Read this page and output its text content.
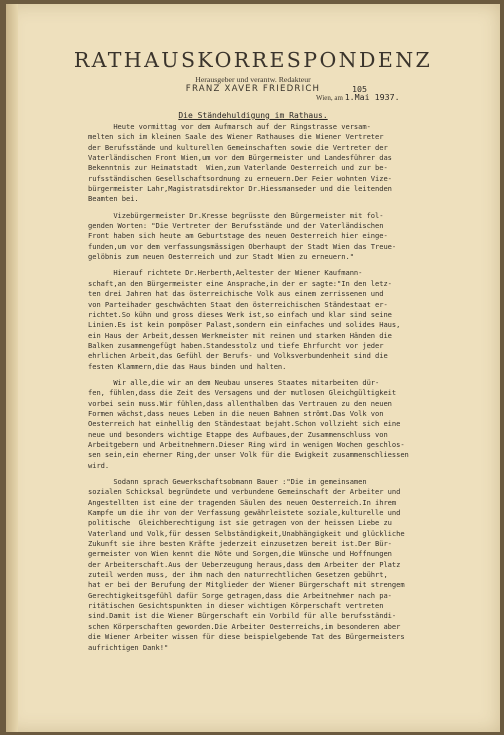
RATHAUSKORRESPONDENZ
Herausgeber und verantw. Redakteur
FRANZ XAVER FRIEDRICH	105
Wien, am 1.Mai 1937.
Die Ständehuldigung im Rathaus.
Heute vormittag vor dem Aufmarsch auf der Ringstrasse versam-
melten sich im kleinen Saale des Wiener Rathauses die Wiener Vertreter
der Berufsstände und kulturellen Gemeinschaften sowie die Vertreter der
Vaterländischen Front Wien,um vor dem Bürgermeister und Landesführer das
Bekenntnis zur Heimatstadt  Wien,zum Vaterlande Oesterreich und zur be-
rufsständischen Gesellschaftsordnung zu erneuern.Der Feier wohnten Vize-
bürgermeister Lahr,Magistratsdirektor Dr.Hiessmanseder und die leitenden
Beamten bei.
Vizebürgermeister Dr.Kresse begrüsste den Bürgermeister mit fol-
genden Worten: "Die Vertreter der Berufsstände und der Vaterländischen
Front haben sich heute am Geburtstage des neuen Oesterreich hier einge-
funden,um vor dem verfassungsmässigen Oberhaupt der Stadt Wien das Treue-
gelöbnis zum neuen Oesterreich und zur Stadt Wien zu erneuern."
Hierauf richtete Dr.Herberth,Aeltester der Wiener Kaufmann-
schaft,an den Bürgermeister eine Ansprache,in der er sagte:"In den letz-
ten drei Jahren hat das österreichische Volk aus einem zerrissenen und
von Parteihader geschwächten Staat den österreichischen Ständestaat er-
richtet.So kühn und gross dieses Werk ist,so einfach und klar sind seine
Linien.Es ist kein pompöser Palast,sondern ein einfaches und solides Haus,
ein Haus der Arbeit,dessen Werkmeister mit reinen und starken Händen die
Balken zusammengefügt haben.Standesstolz und tiefe Ehrfurcht vor jeder
ehrlichen Arbeit,das Gefühl der Berufs- und Volksverbundenheit sind die
festen Klammern,die das Haus binden und halten.
Wir alle,die wir an dem Neubau unseres Staates mitarbeiten dür-
fen, fühlen,dass die Zeit des Versagens und der mutlosen Gleichgültigkeit
vorbei sein muss.Wir fühlen,dass allenthalben das Vertrauen zu den neuen
Formen wächst,dass neues Leben in die neuen Bahnen strömt.Das Volk von
Oesterreich hat einhellig den Ständestaat bejaht.Schon vollzieht sich eine
neue und besonders wichtige Etappe des Aufbaues,der Zusammenschluss von
Arbeitgebern und Arbeitnehmern.Dieser Ring wird in wenigen Wochen geschlos-
sen sein,ein eherner Ring,der unser Volk für die Ewigkeit zusammenschliessen
wird.
Sodann sprach Gewerkschaftsobmann Bauer :"Die im gemeinsamen
sozialen Schicksal begründete und verbundene Gemeinschaft der Arbeiter und
Angestellten ist eine der tragenden Säulen des neuen Oesterreich.In ihrem
Kampfe um die ihr von der Verfassung gewährleistete soziale,kulturelle und
politische  Gleichberechtigung ist sie getragen von der heissen Liebe zu
Vaterland und Volk,für dessen Selbständigkeit,Unabhängigkeit und glückliche
Zukunft sie ihre besten Kräfte jederzeit einzusetzen bereit ist.Der Bür-
germeister von Wien kennt die Nöte und Sorgen,die Wünsche und Hoffnungen
der Arbeiterschaft.Aus der Ueberzeugung heraus,dass dem Arbeiter der Platz
zuteil werden muss, der ihm nach den naturrechtlichen Gesetzen gebührt,
hat er bei der Berufung der Mitglieder der Wiener Bürgerschaft mit strengem
Gerechtigkeitsgefühl dafür Sorge getragen,dass die Arbeitnehmer nach pa-
ritätischen Gesichtspunkten in dieser wichtigen Körperschaft vertreten
sind.Damit ist die Wiener Bürgerschaft ein Vorbild für alle berufsständi-
schen Körperschaften geworden.Die Arbeiter Oesterreichs,im besonderen aber
die Wiener Arbeiter wissen für diese beispielgebende Tat des Bürgermeisters
aufrichtigen Dank!"
